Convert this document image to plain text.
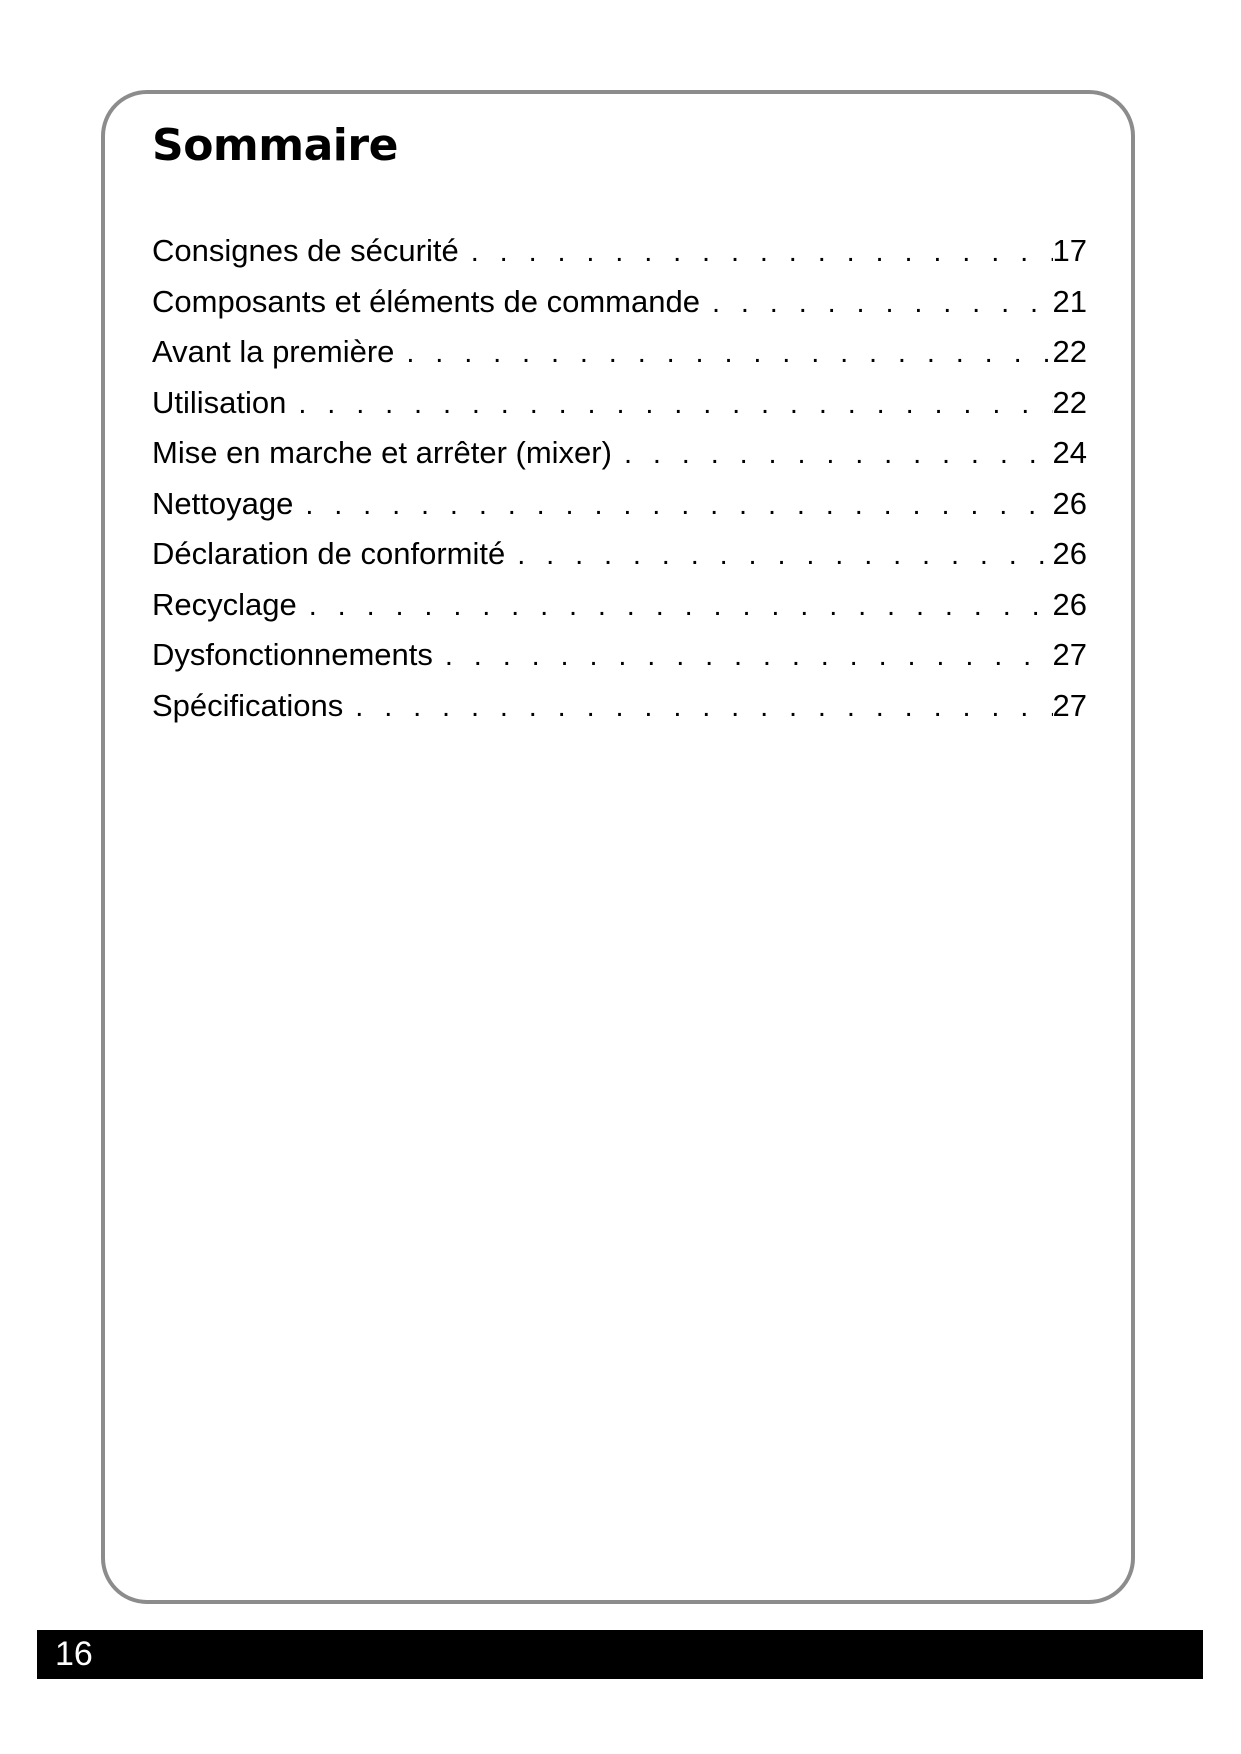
Sommaire
Consignes de sécurité . . .	17
Composants et éléments de commande . . .	21
Avant la première . . .	22
Utilisation . . .	22
Mise en marche et arrêter (mixer) . . .	24
Nettoyage . . .	26
Déclaration de conformité . . .	26
Recyclage . . .	26
Dysfonctionnements . . .	27
Spécifications . . .	27
16
